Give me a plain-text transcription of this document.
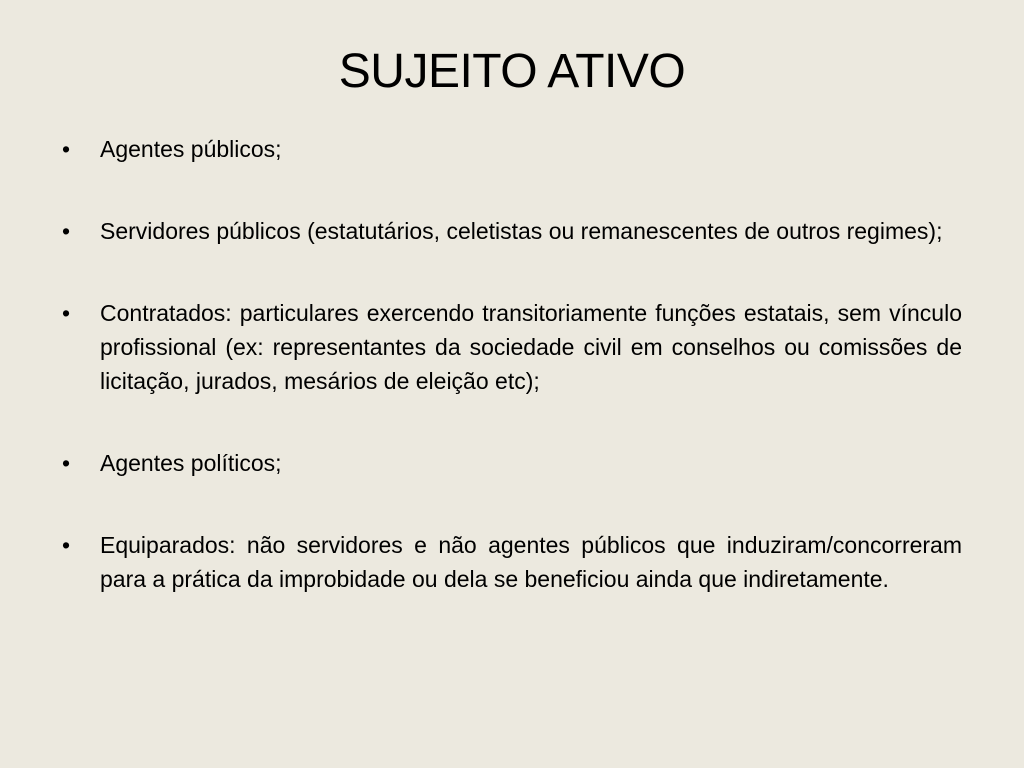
SUJEITO ATIVO
•	Agentes públicos;
•	Servidores públicos (estatutários, celetistas ou remanescentes de outros regimes);
•	Contratados: particulares exercendo transitoriamente funções estatais, sem vínculo profissional (ex: representantes da sociedade civil em conselhos ou comissões de licitação, jurados, mesários de eleição etc);
•	Agentes políticos;
•	Equiparados: não servidores e não agentes públicos que induziram/concorreram para a prática da improbidade ou dela se beneficiou ainda que indiretamente.
